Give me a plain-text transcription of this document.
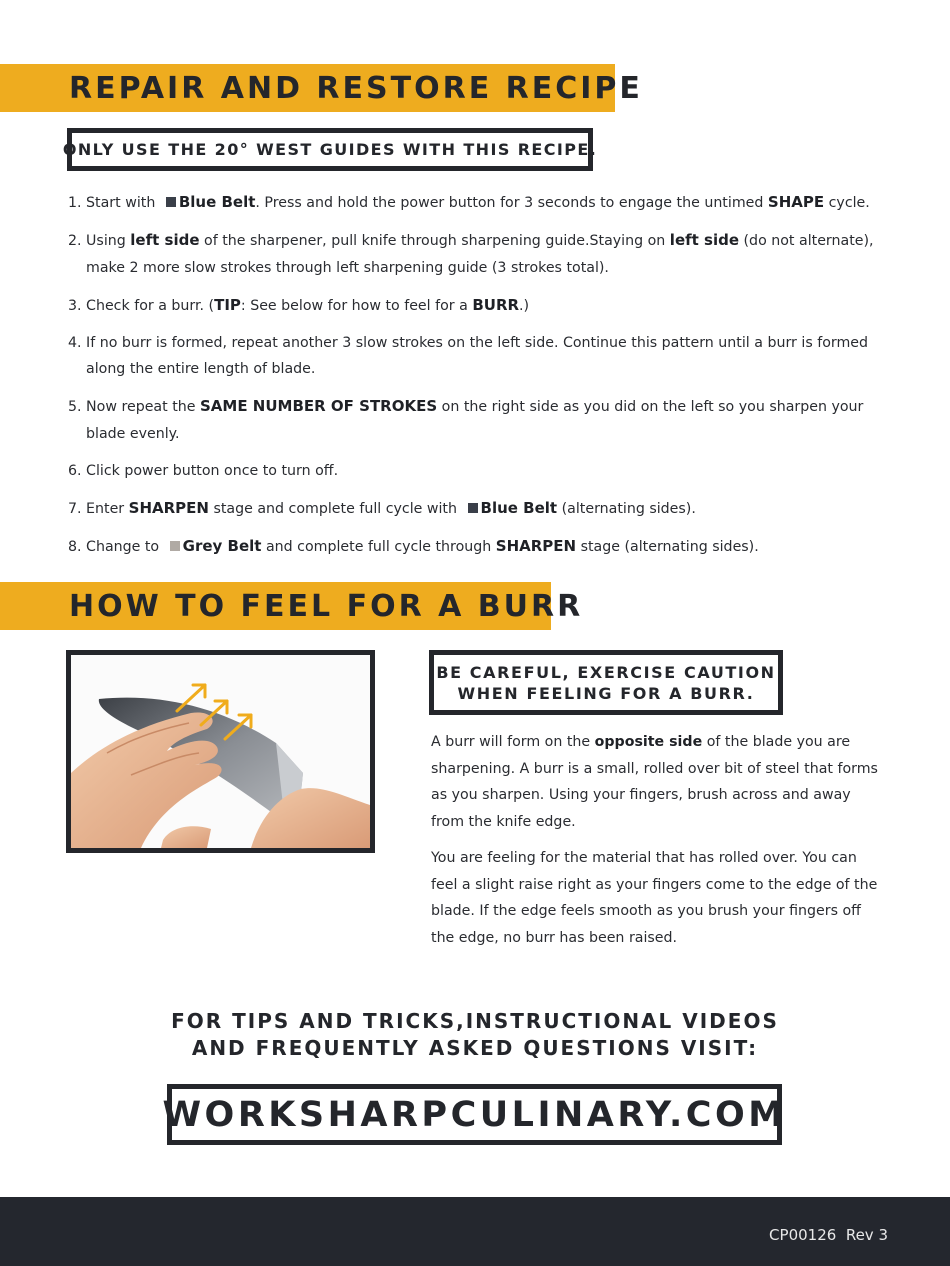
REPAIR AND RESTORE RECIPE
ONLY USE THE 20° WEST GUIDES WITH THIS RECIPE.
1. Start with Blue Belt. Press and hold the power button for 3 seconds to engage the untimed SHAPE cycle.
2. Using left side of the sharpener, pull knife through sharpening guide.Staying on left side (do not alternate), make 2 more slow strokes through left sharpening guide (3 strokes total).
3. Check for a burr. (TIP: See below for how to feel for a BURR.)
4. If no burr is formed, repeat another 3 slow strokes on the left side. Continue this pattern until a burr is formed along the entire length of blade.
5. Now repeat the SAME NUMBER OF STROKES on the right side as you did on the left so you sharpen your blade evenly.
6. Click power button once to turn off.
7. Enter SHARPEN stage and complete full cycle with Blue Belt (alternating sides).
8. Change to Grey Belt and complete full cycle through SHARPEN stage (alternating sides).
HOW TO FEEL FOR A BURR
BE CAREFUL, EXERCISE CAUTION
WHEN FEELING FOR A BURR.

A burr will form on the opposite side of the blade you are sharpening. A burr is a small, rolled over bit of steel that forms as you sharpen. Using your fingers, brush across and away from the knife edge.

You are feeling for the material that has rolled over. You can feel a slight raise right as your fingers come to the edge of the blade. If the edge feels smooth as you brush your fingers off the edge, no burr has been raised.

FOR TIPS AND TRICKS,INSTRUCTIONAL VIDEOS
AND FREQUENTLY ASKED QUESTIONS VISIT:
WORKSHARPCULINARY.COM
CP00126  Rev 3
